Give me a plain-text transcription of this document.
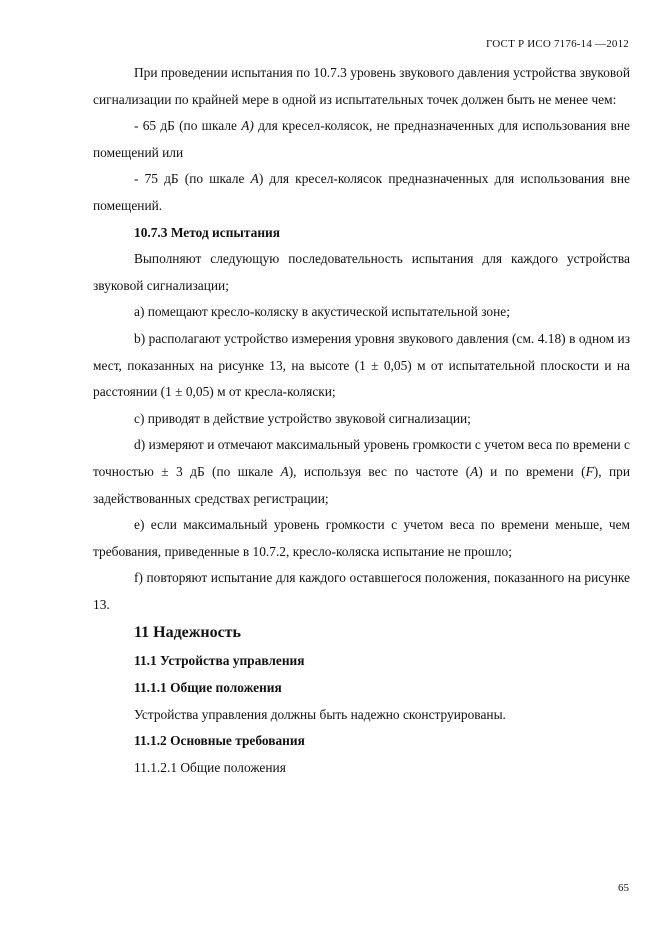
ГОСТ Р ИСО 7176-14 —2012

При проведении испытания по 10.7.3 уровень звукового давления устройства звуковой сигнализации по крайней мере в одной из испытательных точек должен быть не менее чем:

- 65 дБ (по шкале А) для кресел-колясок, не предназначенных для использования вне помещений или

- 75 дБ (по шкале А) для кресел-колясок предназначенных для использования вне помещений.

10.7.3 Метод испытания

Выполняют следующую последовательность испытания для каждого устройства звуковой сигнализации;

а) помещают кресло-коляску в акустической испытательной зоне;

b) располагают устройство измерения уровня звукового давления (см. 4.18) в одном из мест, показанных на рисунке 13, на высоте (1 ± 0,05) м от испытательной плоскости и на расстоянии (1 ± 0,05) м от кресла-коляски;

с) приводят в действие устройство звуковой сигнализации;

d) измеряют и отмечают максимальный уровень громкости с учетом веса по времени с точностью ± 3 дБ (по шкале А), используя вес по частоте (А) и по времени (F), при задействованных средствах регистрации;

е) если максимальный уровень громкости с учетом веса по времени меньше, чем требования, приведенные в 10.7.2, кресло-коляска испытание не прошло;

f) повторяют испытание для каждого оставшегося положения, показанного на рисунке 13.

11 Надежность

11.1 Устройства управления

11.1.1 Общие положения

Устройства управления должны быть надежно сконструированы.

11.1.2 Основные требования

11.1.2.1 Общие положения

65
